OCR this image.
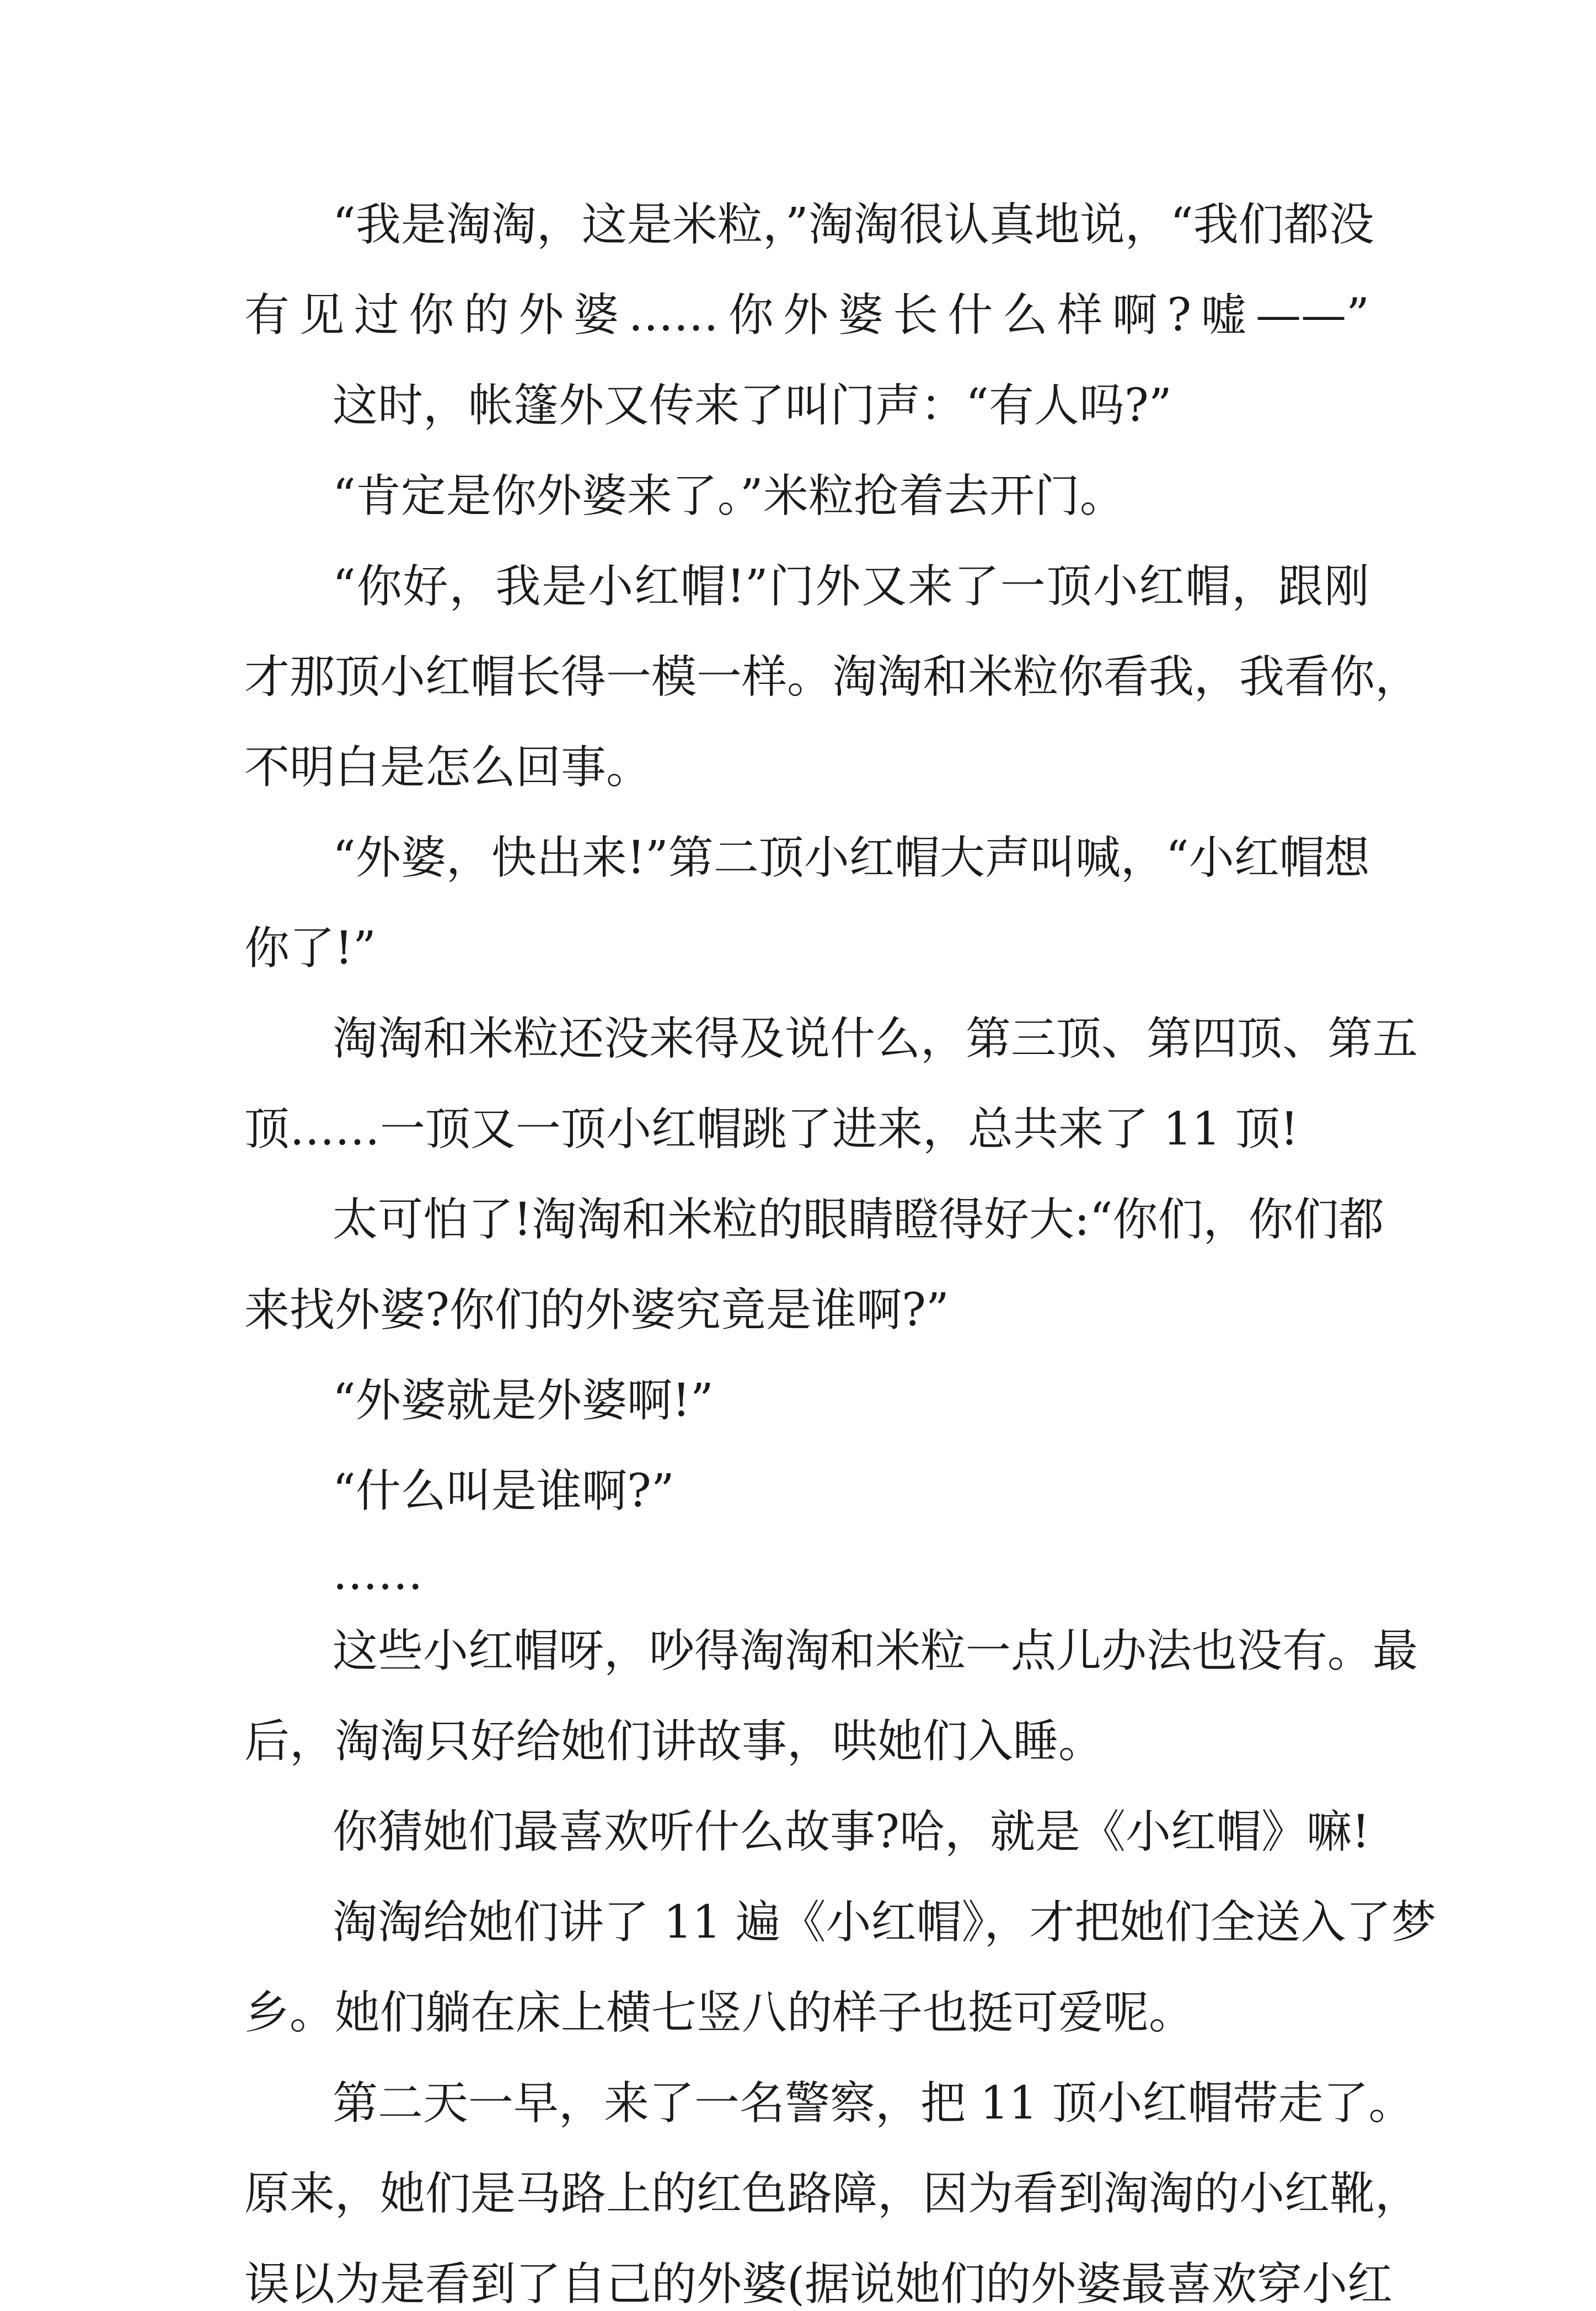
“我是淘淘，这是米粒，”淘淘很认真地说，“我们都没
有见过你的外婆……你外婆长什么样啊?嘘——”
这时，帐篷外又传来了叫门声：“有人吗?”
“肯定是你外婆来了。”米粒抢着去开门。
“你好，我是小红帽!”门外又来了一顶小红帽，跟刚
才那顶小红帽长得一模一样。淘淘和米粒你看我，我看你，
不明白是怎么回事。
“外婆，快出来!”第二顶小红帽大声叫喊，“小红帽想
你了!”
淘淘和米粒还没来得及说什么，第三顶、第四顶、第五
顶……一顶又一顶小红帽跳了进来，总共来了 11 顶!
太可怕了!淘淘和米粒的眼睛瞪得好大:“你们，你们都
来找外婆?你们的外婆究竟是谁啊?”
“外婆就是外婆啊!”
“什么叫是谁啊?”
……
这些小红帽呀，吵得淘淘和米粒一点儿办法也没有。最
后，淘淘只好给她们讲故事，哄她们入睡。
你猜她们最喜欢听什么故事?哈，就是《小红帽》嘛!
淘淘给她们讲了 11 遍《小红帽》，才把她们全送入了梦
乡。她们躺在床上横七竖八的样子也挺可爱呢。
第二天一早，来了一名警察，把 11 顶小红帽带走了。
原来，她们是马路上的红色路障，因为看到淘淘的小红靴，
误以为是看到了自己的外婆(据说她们的外婆最喜欢穿小红
